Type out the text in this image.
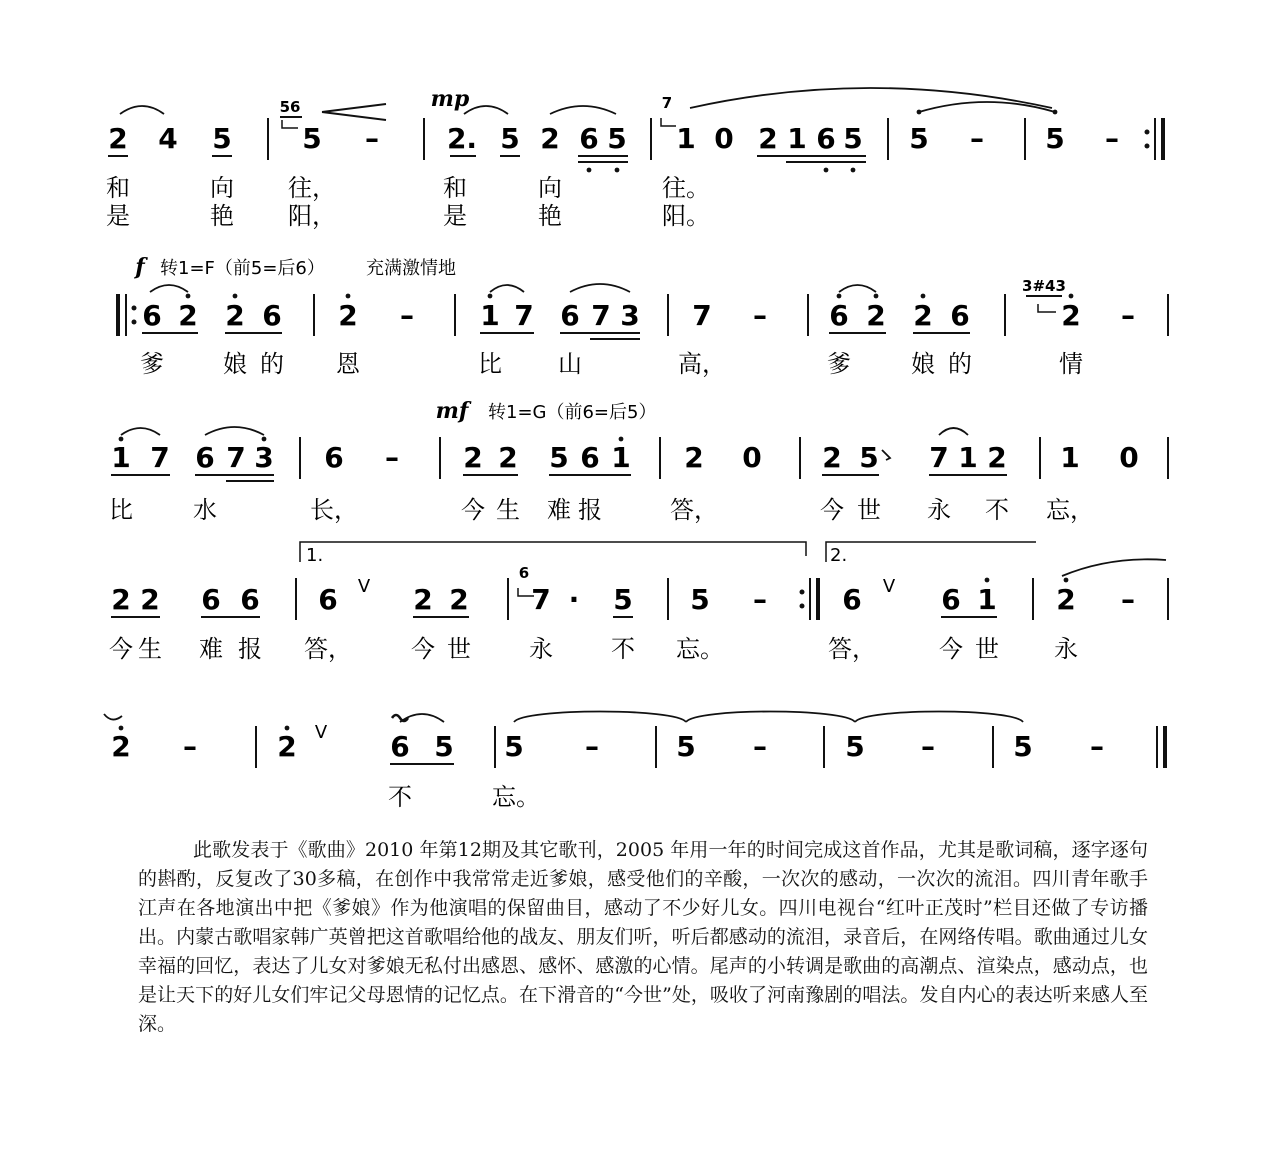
2 4 5	5 – 2. 5 2 6 5 1 0 2 1 6 5 5 – 5 –
56	mp	7
和	向 往，	和	向	往。
是	艳 阳，	是	艳	阳。
f 转1=F（前5=后6） 充满激情地
6 2 2 6 2 – 1 7 6 7 3 7 – 6 2 2 6	2 –
3#43
爹 娘 的 恩	比 山	高，	爹	娘 的	情
mf 转1=G（前6=后5）
1 7 6 7 3 6 – 2 2 5 6 1 2 0 2 5 7 1 2 1 0
比	水	长，	今 生 难 报	答，	今 世 永 不 忘，
1.	2.
2 2 6 6 6	2 2 7 · 5 5 –	6	6 1 2 –
V	V
6
今 生 难 报 答， 今 世 永 不 忘。	答，	今 世 永
2 –	2	6 5 5 –	5 –	5 –	5 –
V
不	忘。

此歌发表于《歌曲》2010 年第12期及其它歌刊，2005 年用一年的时间完成这首作品，尤其是歌词稿，逐字逐句的斟酌，反复改了30多稿，在创作中我常常走近爹娘，感受他们的辛酸，一次次的感动，一次次的流泪。四川青年歌手江声在各地演出中把《爹娘》作为他演唱的保留曲目，感动了不少好儿女。四川电视台“红叶正茂时”栏目还做了专访播出。内蒙古歌唱家韩广英曾把这首歌唱给他的战友、朋友们听，听后都感动的流泪，录音后，在网络传唱。歌曲通过儿女幸福的回忆，表达了儿女对爹娘无私付出感恩、感怀、感激的心情。尾声的小转调是歌曲的高潮点、渲染点，感动点，也是让天下的好儿女们牢记父母恩情的记忆点。在下滑音的“今世”处，吸收了河南豫剧的唱法。发自内心的表达听来感人至深。
